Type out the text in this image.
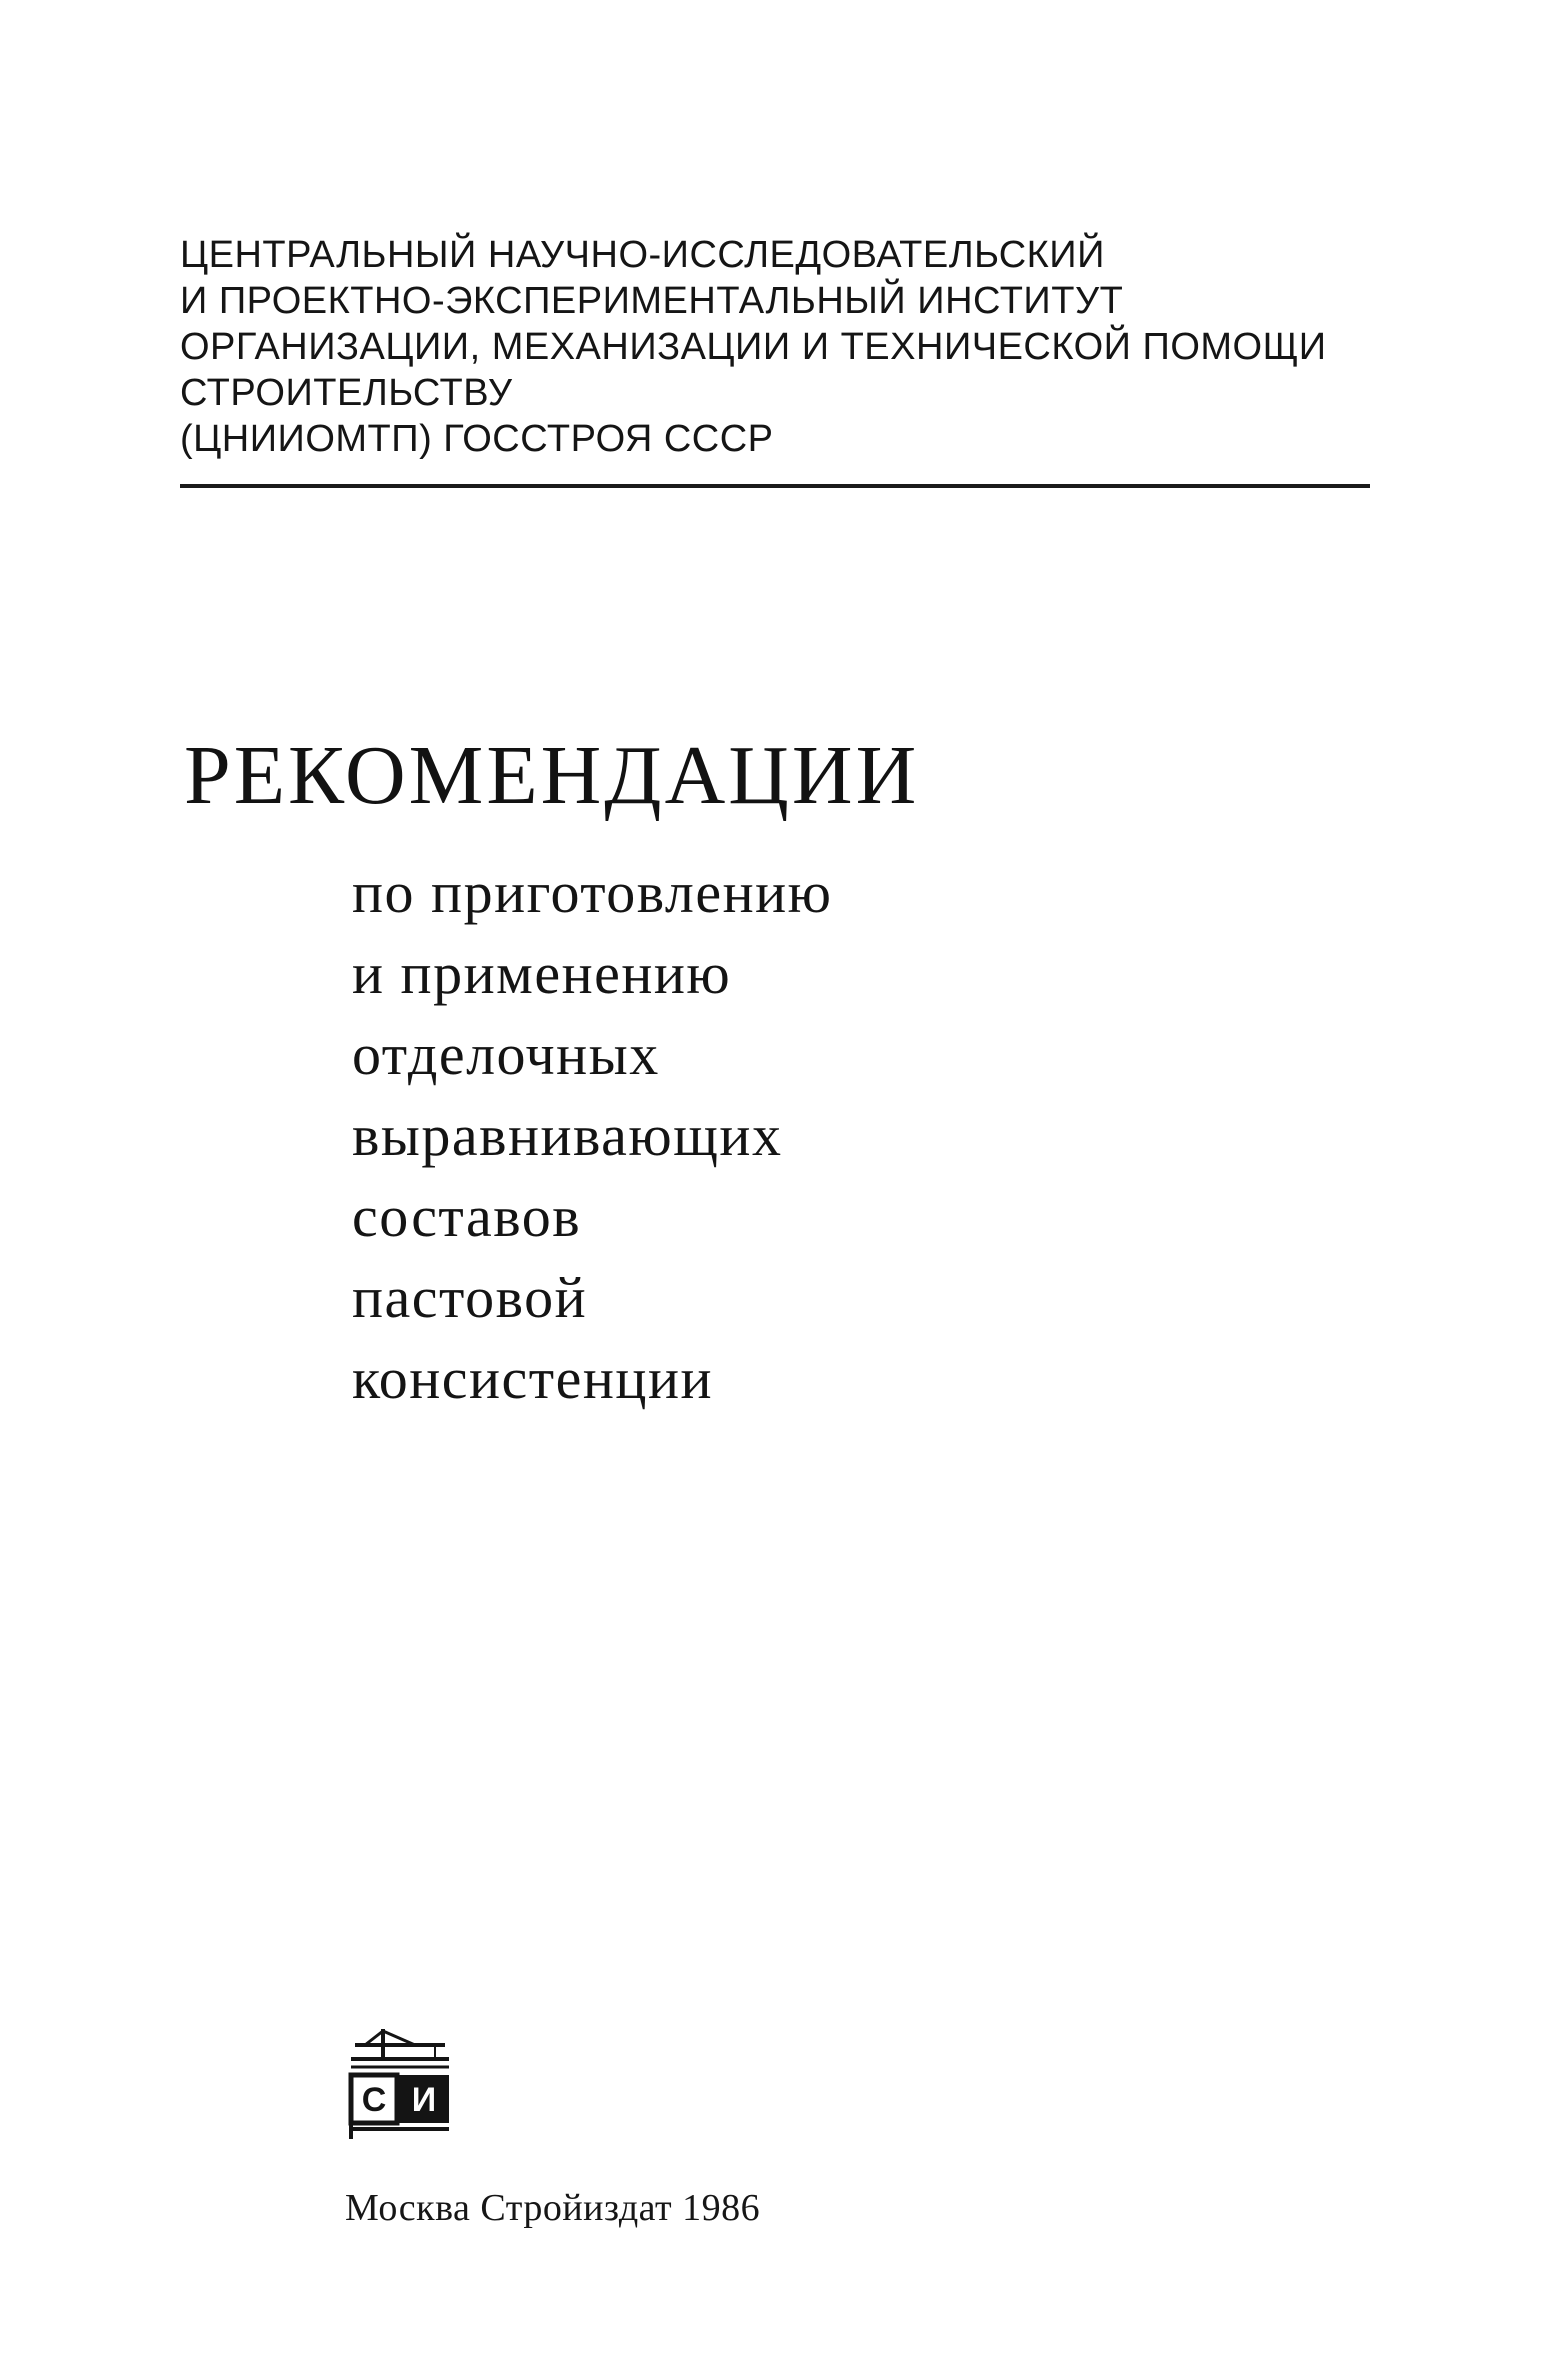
ЦЕНТРАЛЬНЫЙ НАУЧНО-ИССЛЕДОВАТЕЛЬСКИЙ
И ПРОЕКТНО-ЭКСПЕРИМЕНТАЛЬНЫЙ ИНСТИТУТ
ОРГАНИЗАЦИИ, МЕХАНИЗАЦИИ И ТЕХНИЧЕСКОЙ ПОМОЩИ
СТРОИТЕЛЬСТВУ
(ЦНИИОМТП) ГОССТРОЯ СССР
РЕКОМЕНДАЦИИ
по приготовлению
и применению
отделочных
выравнивающих
составов
пастовой
консистенции
С И
Москва Стройиздат 1986
